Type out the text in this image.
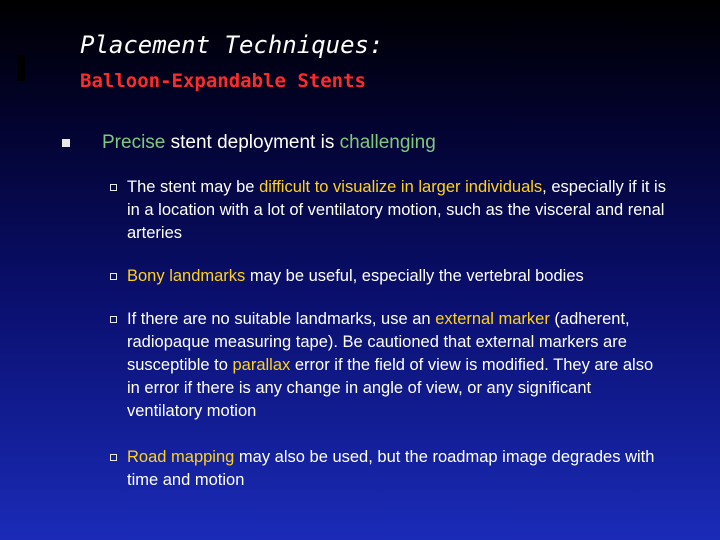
Placement Techniques:
Balloon-Expandable Stents
Precise stent deployment is challenging
The stent may be difficult to visualize in larger individuals, especially if it is in a location with a lot of ventilatory motion, such as the visceral and renal arteries
Bony landmarks may be useful, especially the vertebral bodies
If there are no suitable landmarks, use an external marker (adherent, radiopaque measuring tape). Be cautioned that external markers are susceptible to parallax error if the field of view is modified. They are also in error if there is any change in angle of view, or any significant ventilatory motion
Road mapping may also be used, but the roadmap image degrades with time and motion
